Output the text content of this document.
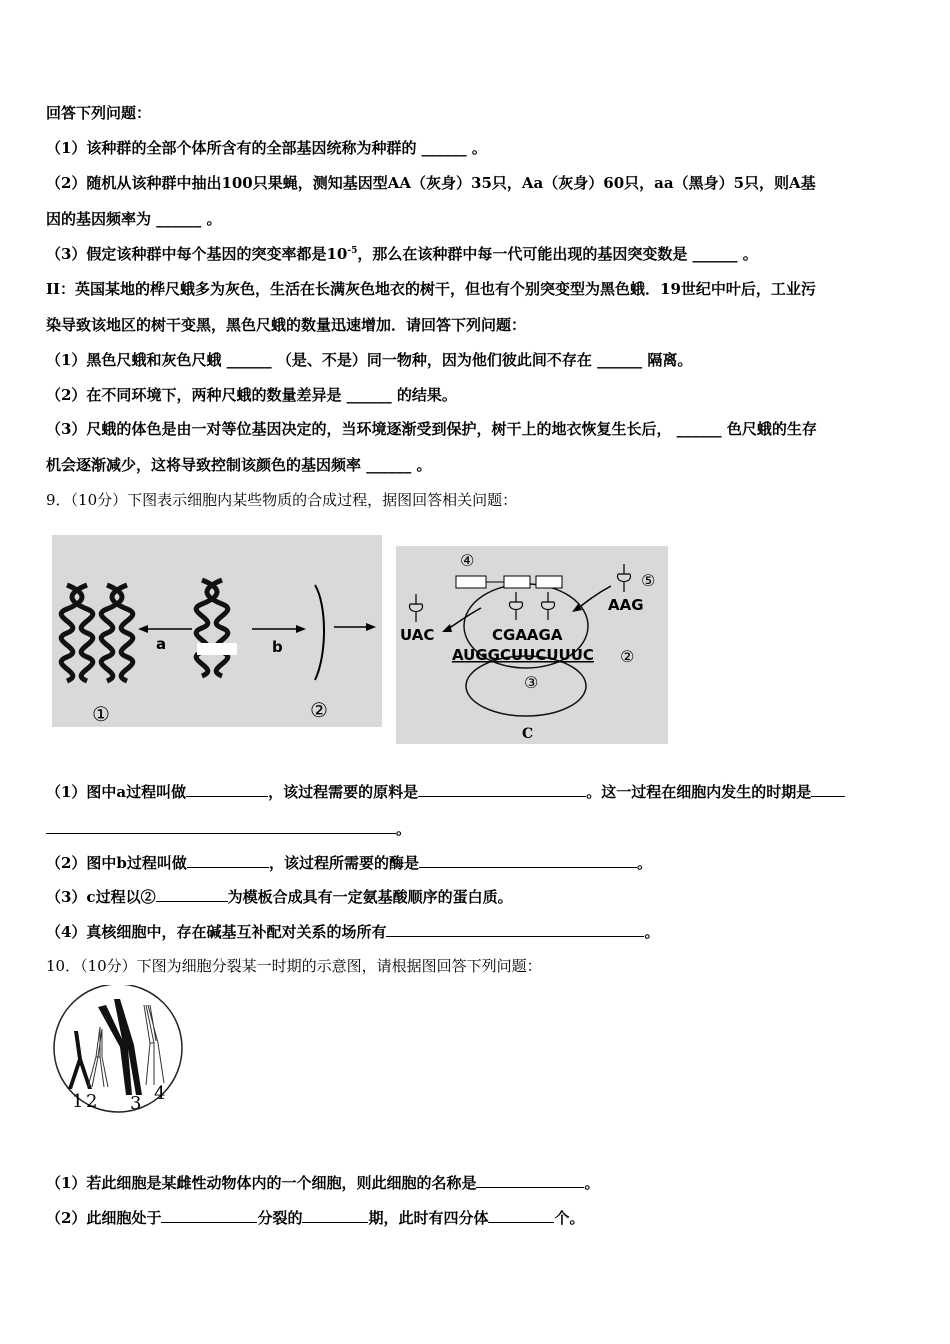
回答下列问题：
（1）该种群的全部个体所含有的全部基因统称为种群的 ______ 。
（2）随机从该种群中抽出100只果蝇，测知基因型AA（灰身）35只，Aa（灰身）60只，aa（黑身）5只，则A基
因的基因频率为 ______ 。
（3）假定该种群中每个基因的突变率都是$10^{-5}$，那么在该种群中每一代可能出现的基因突变数是 ______ 。
II：英国某地的桦尺蛾多为灰色，生活在长满灰色地衣的树干，但也有个别突变型为黑色蛾．19世纪中叶后，工业污
染导致该地区的树干变黑，黑色尺蛾的数量迅速增加．请回答下列问题：
（1）黑色尺蛾和灰色尺蛾 ______ （是、不是）同一物种，因为他们彼此间不存在 ______ 隔离。
（2）在不同环境下，两种尺蛾的数量差异是 ______ 的结果。
（3）尺蛾的体色是由一对等位基因决定的，当环境逐渐受到保护，树干上的地衣恢复生长后， ______ 色尺蛾的生存
机会逐渐减少，这将导致控制该颜色的基因频率 ______ 。
9．（10分）下图表示细胞内某些物质的合成过程，据图回答相关问题：
a	b
①	②
④
⑤
UAC
AAG
CGAAGA
AUGGCUUCUUUC ②
③
C
（1）图中a过程叫做	，该过程需要的原料是	。这一过程在细胞内发生的时期是
。
（2）图中b过程叫做	，该过程所需要的酶是	。
（3）c过程以②	为模板合成具有一定氨基酸顺序的蛋白质。
（4）真核细胞中，存在碱基互补配对关系的场所有	。
10．（10分）下图为细胞分裂某一时期的示意图，请根据图回答下列问题：
1 2 3 4
（1）若此细胞是某雌性动物体内的一个细胞，则此细胞的名称是	。
（2）此细胞处于	分裂的	期，此时有四分体	个。
